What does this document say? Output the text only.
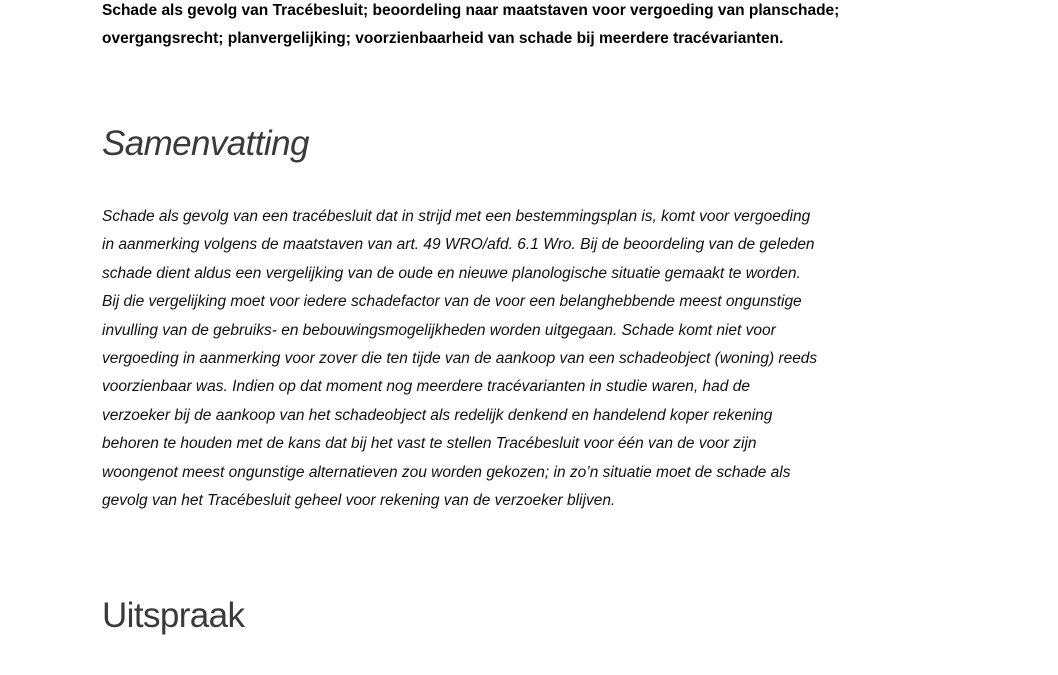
Schade als gevolg van Tracébesluit; beoordeling naar maatstaven voor vergoeding van planschade;
overgangsrecht; planvergelijking; voorzienbaarheid van schade bij meerdere tracévarianten.

Samenvatting

Schade als gevolg van een tracébesluit dat in strijd met een bestemmingsplan is, komt voor vergoeding
in aanmerking volgens de maatstaven van art. 49 WRO/afd. 6.1 Wro. Bij de beoordeling van de geleden
schade dient aldus een vergelijking van de oude en nieuwe planologische situatie gemaakt te worden.
Bij die vergelijking moet voor iedere schadefactor van de voor een belanghebbende meest ongunstige
invulling van de gebruiks- en bebouwingsmogelijkheden worden uitgegaan. Schade komt niet voor
vergoeding in aanmerking voor zover die ten tijde van de aankoop van een schadeobject (woning) reeds
voorzienbaar was. Indien op dat moment nog meerdere tracévarianten in studie waren, had de
verzoeker bij de aankoop van het schadeobject als redelijk denkend en handelend koper rekening
behoren te houden met de kans dat bij het vast te stellen Tracébesluit voor één van de voor zijn
woongenot meest ongunstige alternatieven zou worden gekozen; in zo’n situatie moet de schade als
gevolg van het Tracébesluit geheel voor rekening van de verzoeker blijven.

Uitspraak
